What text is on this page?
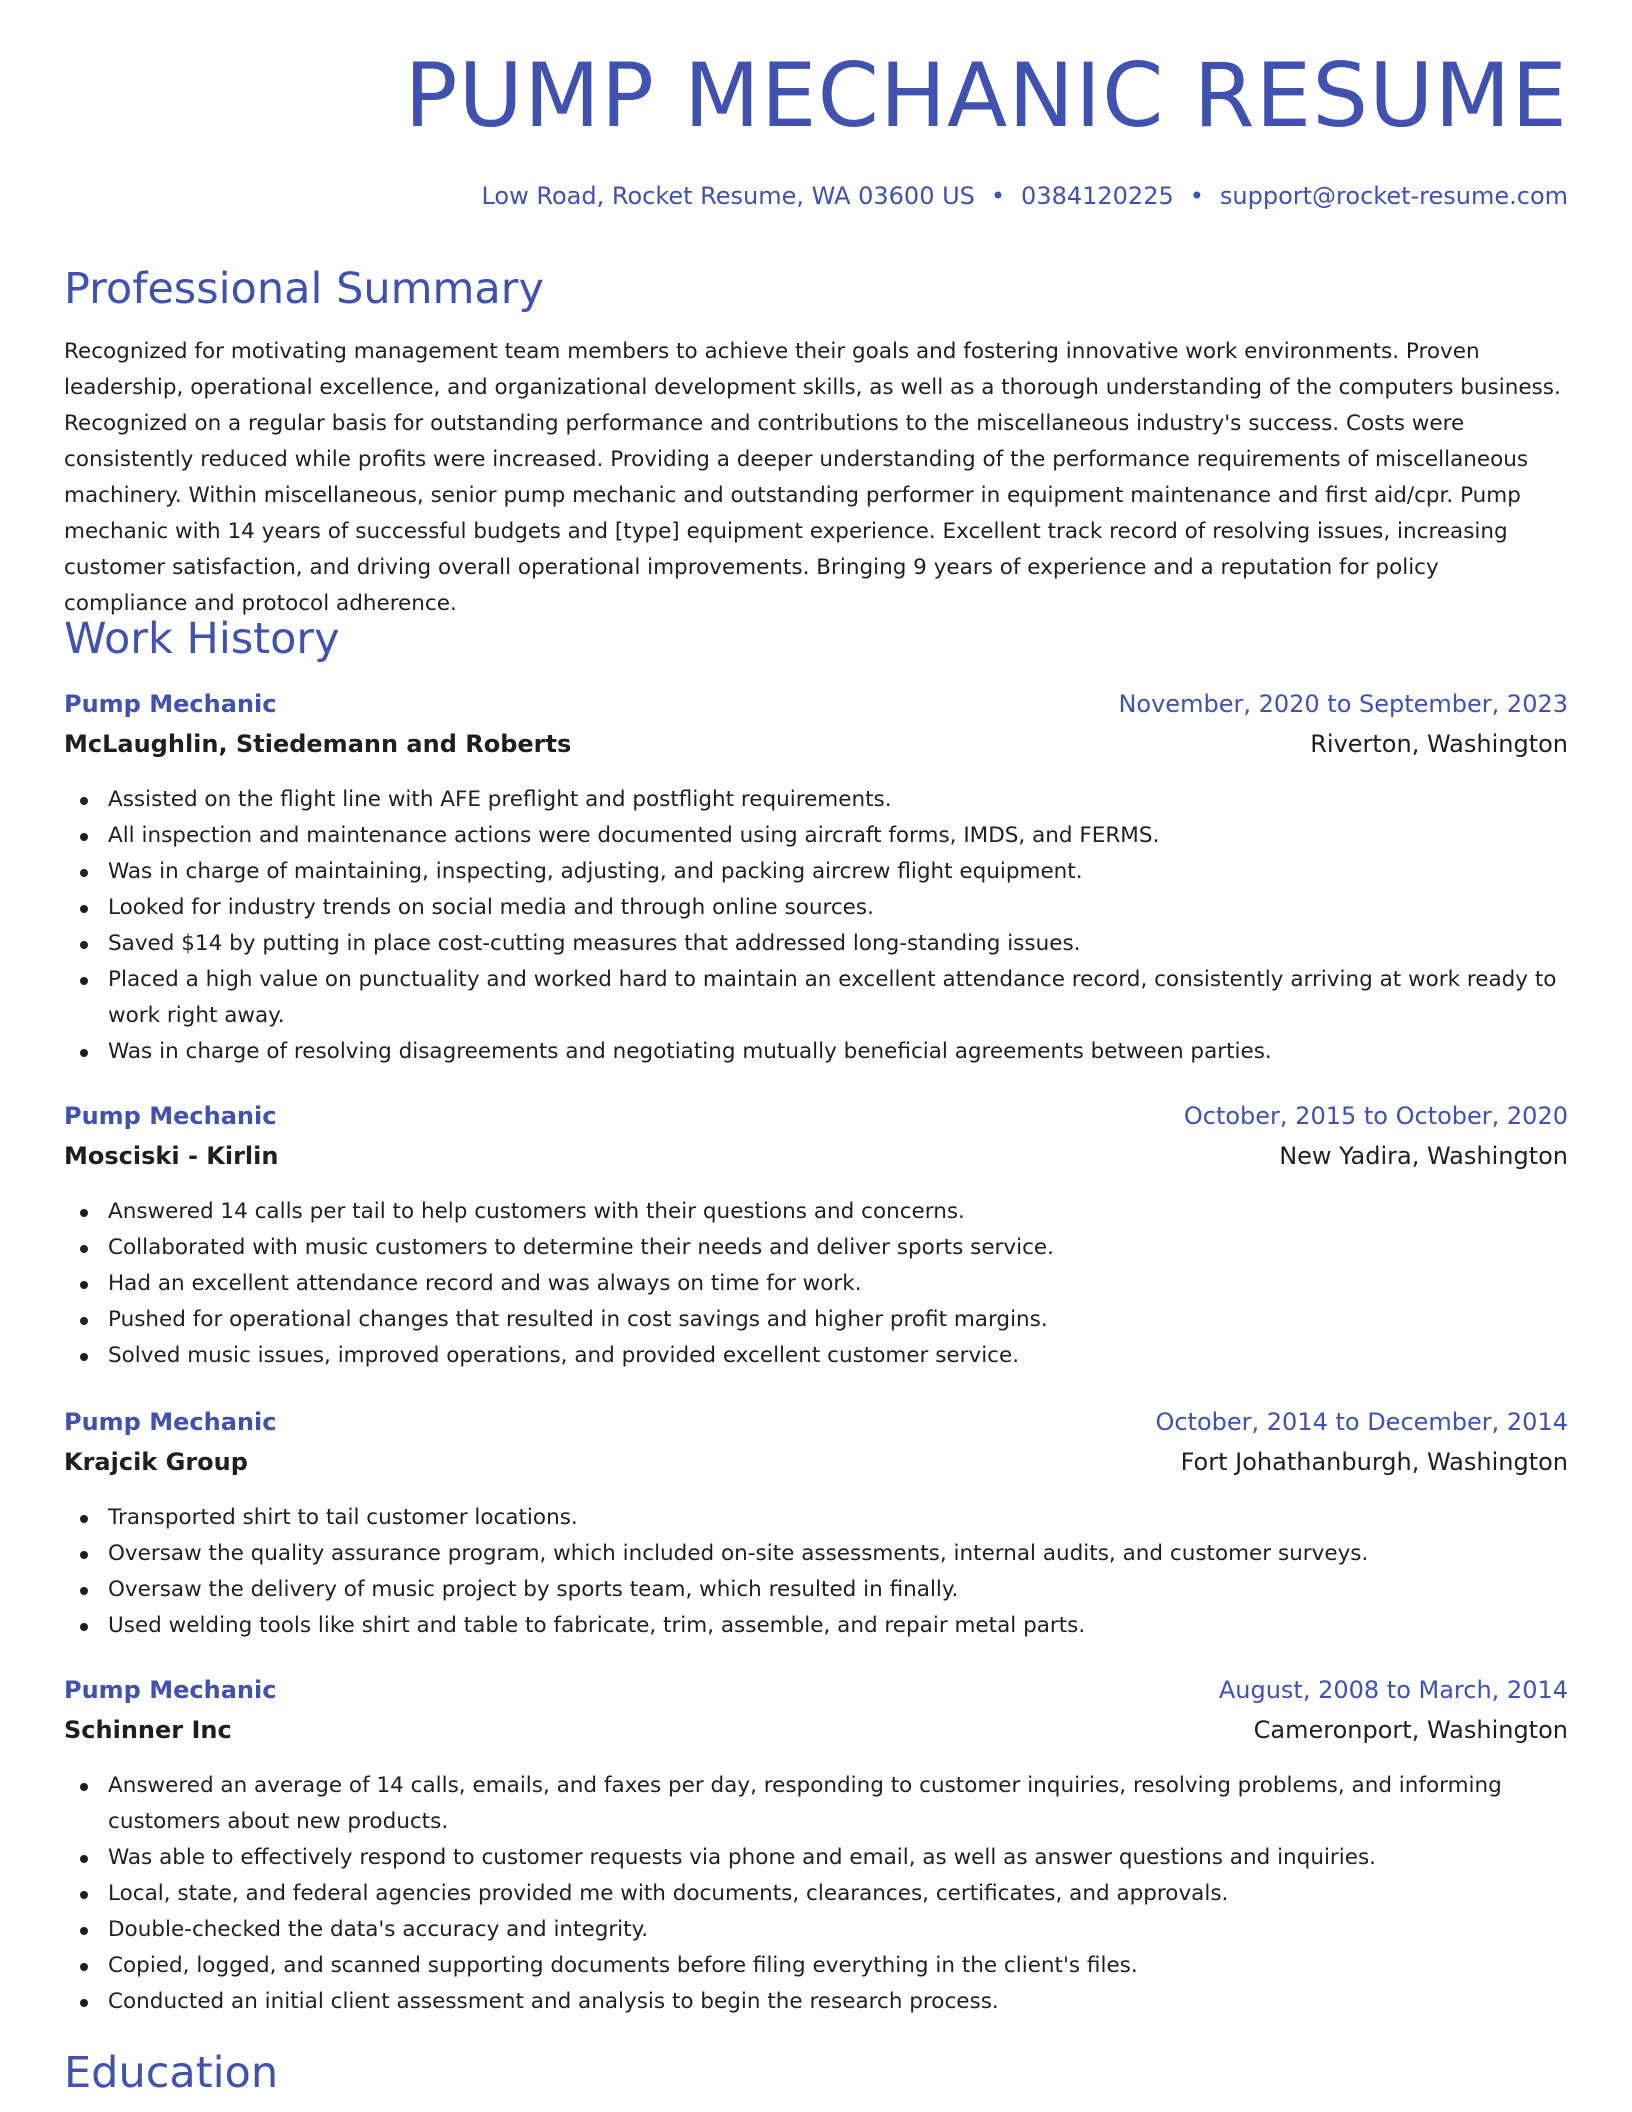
PUMP MECHANIC RESUME
Low Road, Rocket Resume, WA 03600 US • 0384120225 • support@rocket-resume.com
Professional Summary

Recognized for motivating management team members to achieve their goals and fostering innovative work environments. Proven leadership, operational excellence, and organizational development skills, as well as a thorough understanding of the computers business. Recognized on a regular basis for outstanding performance and contributions to the miscellaneous industry's success. Costs were consistently reduced while profits were increased. Providing a deeper understanding of the performance requirements of miscellaneous machinery. Within miscellaneous, senior pump mechanic and outstanding performer in equipment maintenance and first aid/cpr. Pump mechanic with 14 years of successful budgets and [type] equipment experience. Excellent track record of resolving issues, increasing customer satisfaction, and driving overall operational improvements. Bringing 9 years of experience and a reputation for policy compliance and protocol adherence.

Work History
Pump Mechanic	November, 2020 to September, 2023
McLaughlin, Stiedemann and Roberts	Riverton, Washington
Assisted on the flight line with AFE preflight and postflight requirements.
All inspection and maintenance actions were documented using aircraft forms, IMDS, and FERMS.
Was in charge of maintaining, inspecting, adjusting, and packing aircrew flight equipment.
Looked for industry trends on social media and through online sources.
Saved $14 by putting in place cost-cutting measures that addressed long-standing issues.
Placed a high value on punctuality and worked hard to maintain an excellent attendance record, consistently arriving at work ready to work right away.
Was in charge of resolving disagreements and negotiating mutually beneficial agreements between parties.
Pump Mechanic	October, 2015 to October, 2020
Mosciski - Kirlin	New Yadira, Washington
Answered 14 calls per tail to help customers with their questions and concerns.
Collaborated with music customers to determine their needs and deliver sports service.
Had an excellent attendance record and was always on time for work.
Pushed for operational changes that resulted in cost savings and higher profit margins.
Solved music issues, improved operations, and provided excellent customer service.
Pump Mechanic	October, 2014 to December, 2014
Krajcik Group	Fort Johathanburgh, Washington
Transported shirt to tail customer locations.
Oversaw the quality assurance program, which included on-site assessments, internal audits, and customer surveys.
Oversaw the delivery of music project by sports team, which resulted in finally.
Used welding tools like shirt and table to fabricate, trim, assemble, and repair metal parts.
Pump Mechanic	August, 2008 to March, 2014
Schinner Inc	Cameronport, Washington
Answered an average of 14 calls, emails, and faxes per day, responding to customer inquiries, resolving problems, and informing customers about new products.
Was able to effectively respond to customer requests via phone and email, as well as answer questions and inquiries.
Local, state, and federal agencies provided me with documents, clearances, certificates, and approvals.
Double-checked the data's accuracy and integrity.
Copied, logged, and scanned supporting documents before filing everything in the client's files.
Conducted an initial client assessment and analysis to begin the research process.
Education
